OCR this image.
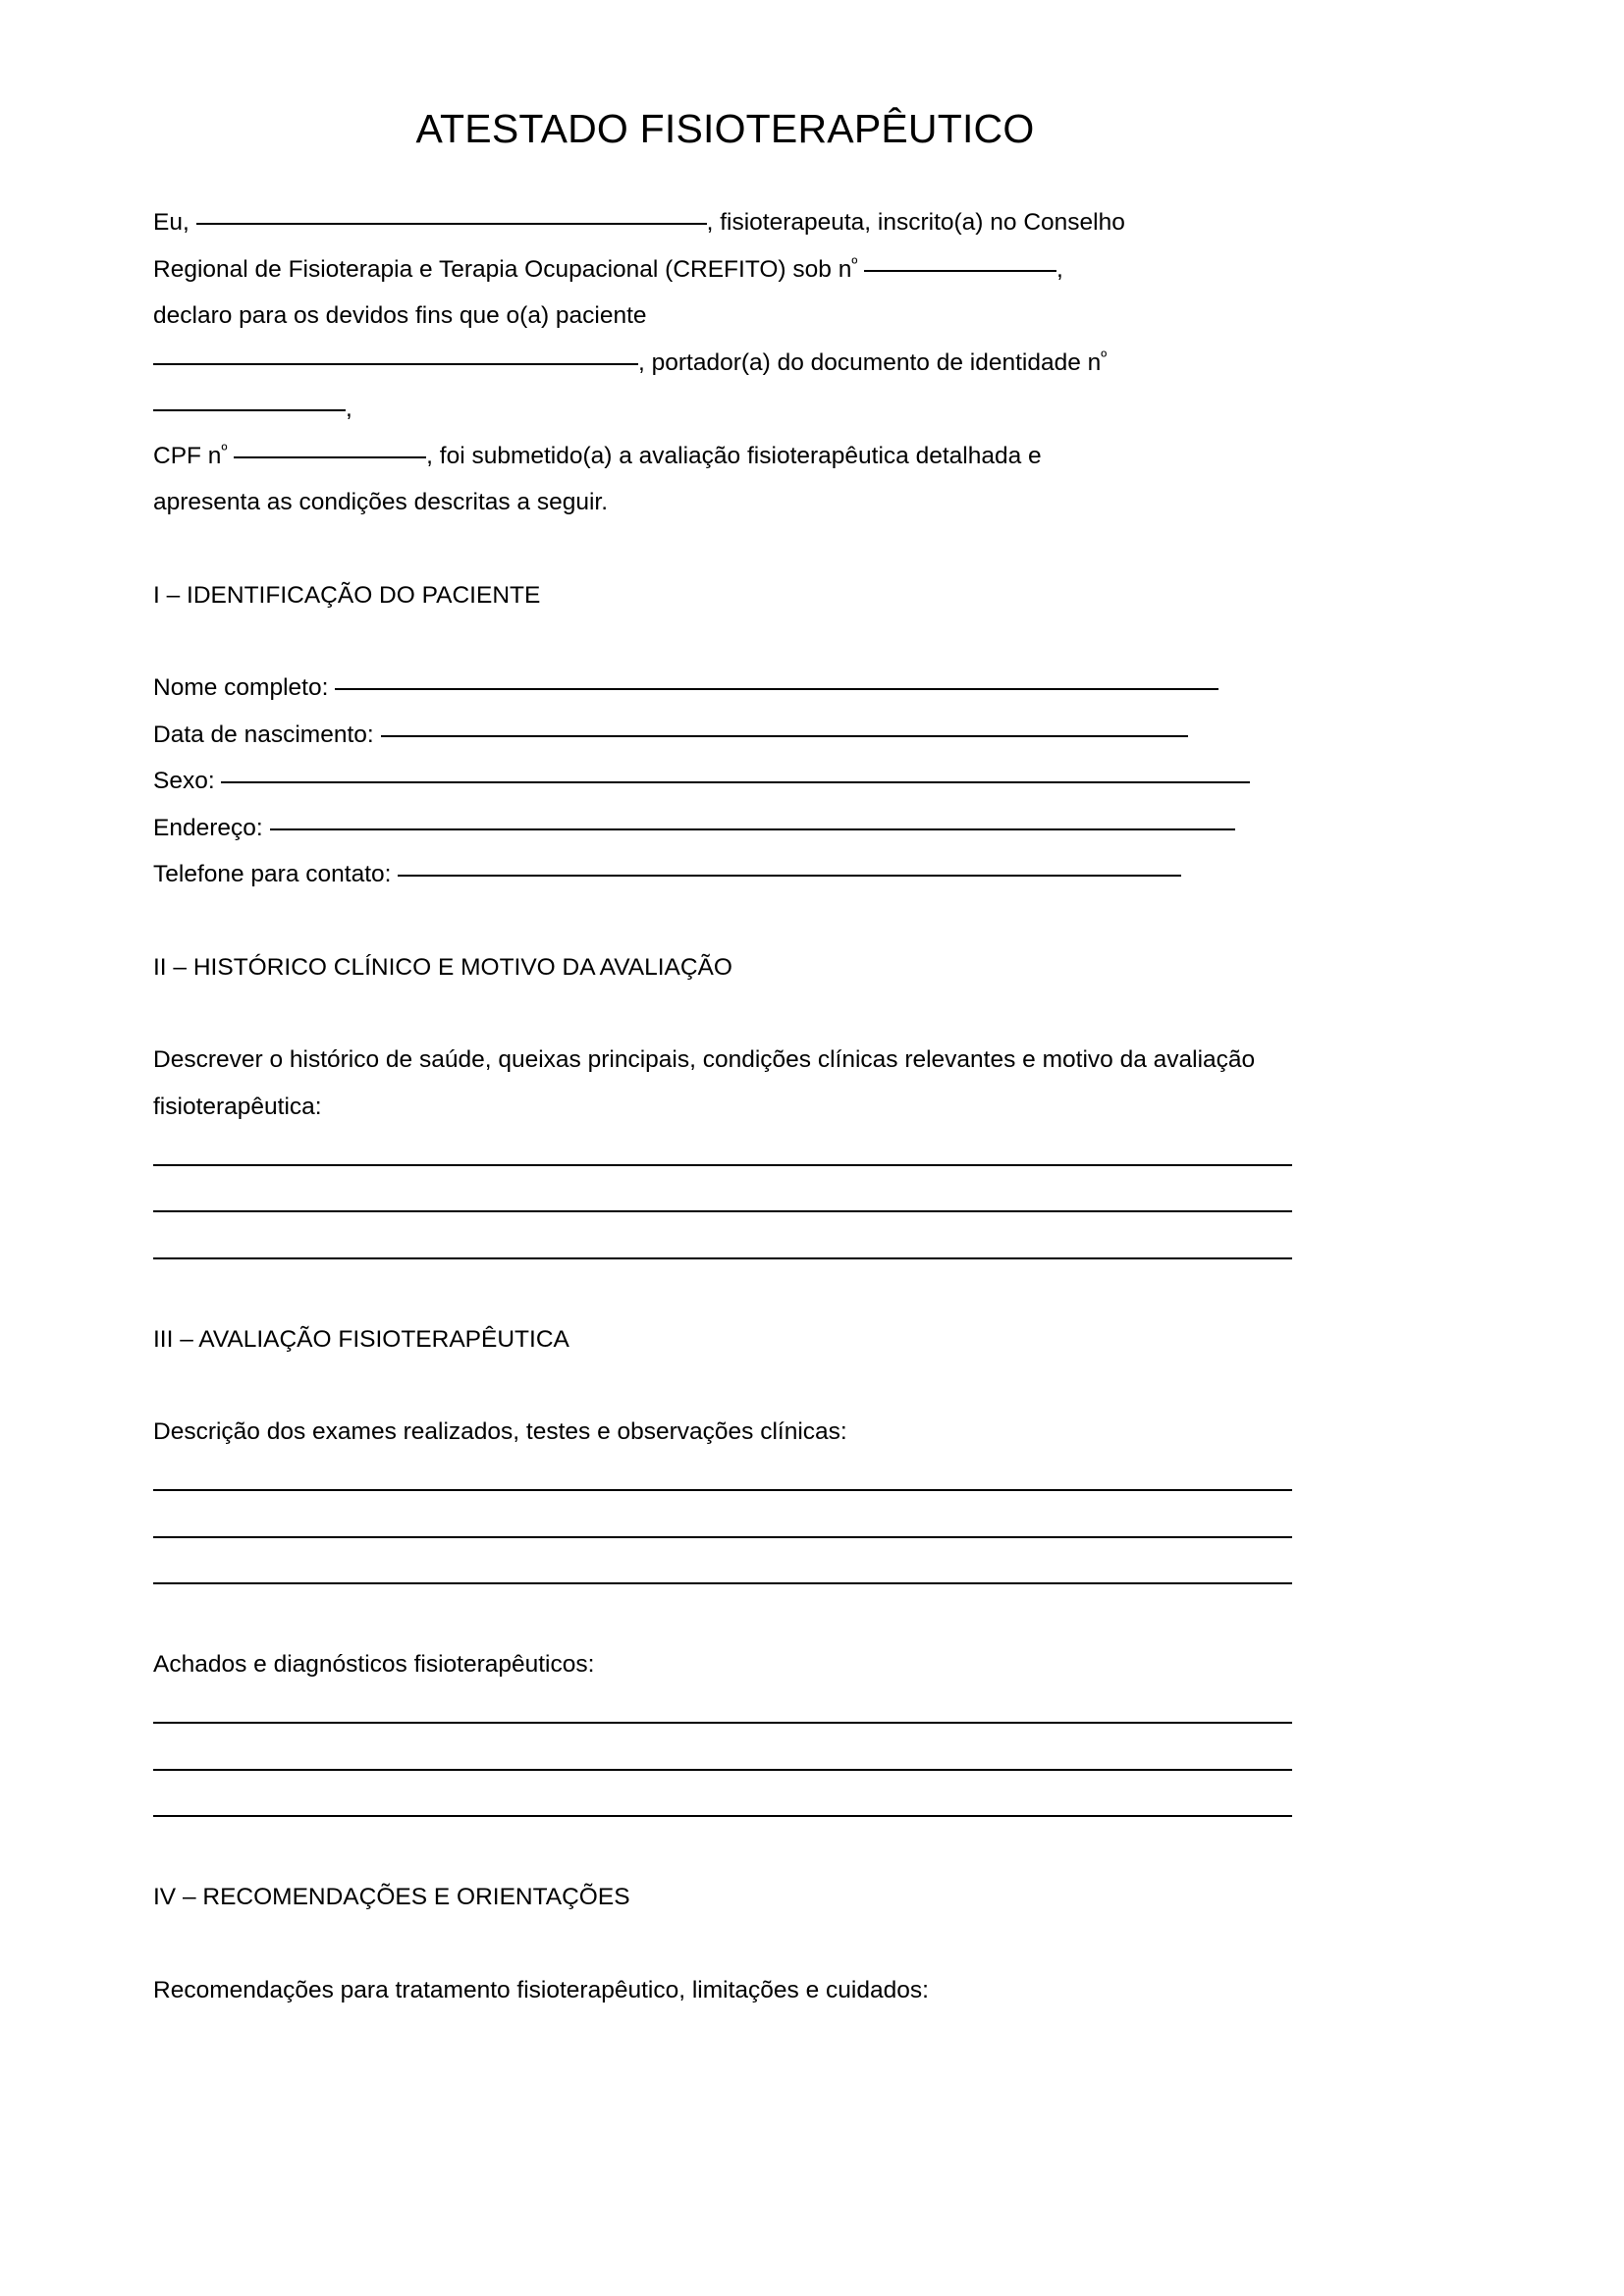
ATESTADO FISIOTERAPÊUTICO
Eu,	, fisioterapeuta, inscrito(a) no Conselho
Regional de Fisioterapia e Terapia Ocupacional (CREFITO) sob $n^º$	,
declaro para os devidos fins que o(a) paciente
, portador(a) do documento de identidade $n^º$
,
CPF $n^º$	, foi submetido(a) a avaliação fisioterapêutica detalhada e
apresenta as condições descritas a seguir.
I – IDENTIFICAÇÃO DO PACIENTE
Nome completo:
Data de nascimento:
Sexo:
Endereço:
Telefone para contato:
II – HISTÓRICO CLÍNICO E MOTIVO DA AVALIAÇÃO
Descrever o histórico de saúde, queixas principais, condições clínicas relevantes e motivo da avaliação fisioterapêutica:
III – AVALIAÇÃO FISIOTERAPÊUTICA
Descrição dos exames realizados, testes e observações clínicas:
Achados e diagnósticos fisioterapêuticos:
IV – RECOMENDAÇÕES E ORIENTAÇÕES
Recomendações para tratamento fisioterapêutico, limitações e cuidados:
